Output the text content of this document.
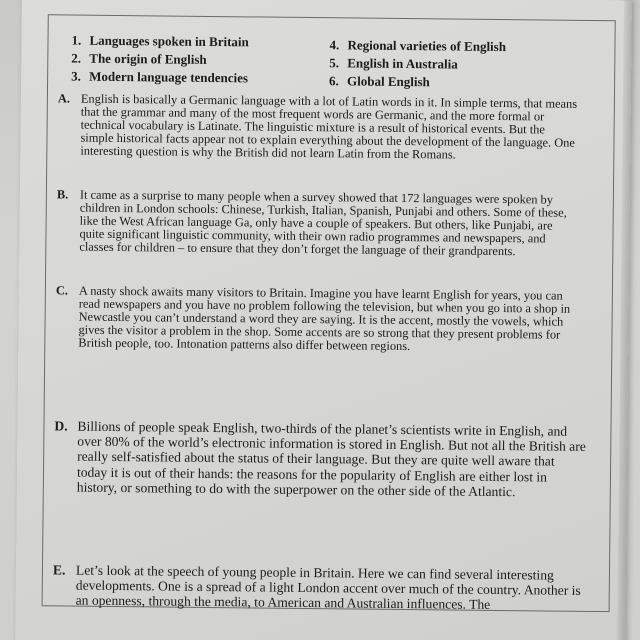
1. Languages spoken in Britain
2. The origin of English
3. Modern language tendencies
4. Regional varieties of English
5. English in Australia
6. Global English
A. English is basically a Germanic language with a lot of Latin words in it. In simple terms, that means that the grammar and many of the most frequent words are Germanic, and the more formal or technical vocabulary is Latinate. The linguistic mixture is a result of historical events. But the simple historical facts appear not to explain everything about the development of the language. One interesting question is why the British did not learn Latin from the Romans.
B. It came as a surprise to many people when a survey showed that 172 languages were spoken by children in London schools: Chinese, Turkish, Italian, Spanish, Punjabi and others. Some of these, like the West African language Ga, only have a couple of speakers. But others, like Punjabi, are quite significant linguistic community, with their own radio programmes and newspapers, and classes for children – to ensure that they don’t forget the language of their grandparents.
C. A nasty shock awaits many visitors to Britain. Imagine you have learnt English for years, you can read newspapers and you have no problem following the television, but when you go into a shop in Newcastle you can’t understand a word they are saying. It is the accent, mostly the vowels, which gives the visitor a problem in the shop. Some accents are so strong that they present problems for British people, too. Intonation patterns also differ between regions.
D. Billions of people speak English, two-thirds of the planet’s scientists write in English, and over 80% of the world’s electronic information is stored in English. But not all the British are really self-satisfied about the status of their language. But they are quite well aware that today it is out of their hands: the reasons for the popularity of English are either lost in history, or something to do with the superpower on the other side of the Atlantic.
E. Let’s look at the speech of young people in Britain. Here we can find several interesting developments. One is a spread of a light London accent over much of the country. Another is an openness, through the media, to American and Australian influences. The
